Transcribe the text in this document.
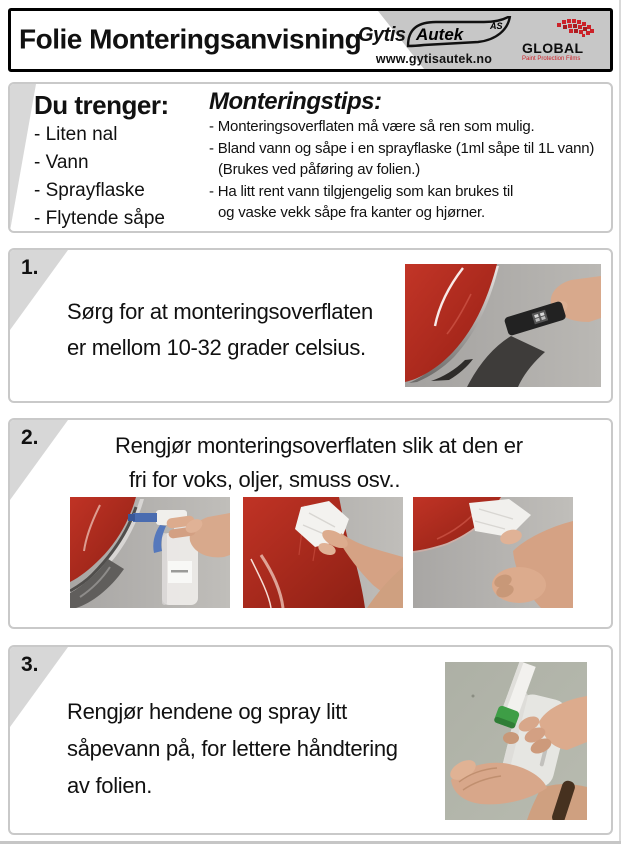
Folie Monteringsanvisning
Gytis Autek	AS
www.gytisautek.no
GLOBAL
Paint Protection Films
Du trenger:
- Liten nal
- Vann
- Sprayflaske
- Flytende såpe
Monteringstips:
- Monteringsoverflaten må være så ren som mulig.
- Bland vann og såpe i en sprayflaske (1ml såpe til 1L vann)
(Brukes ved påføring av folien.)
- Ha litt rent vann tilgjengelig som kan brukes til
og vaske vekk såpe fra kanter og hjørner.
1.
Sørg for at monteringsoverflaten
er mellom 10-32 grader celsius.
2.	Rengjør monteringsoverflaten slik at den er
fri for voks, oljer, smuss osv..
3.
Rengjør hendene og spray litt
såpevann på, for lettere håndtering
av folien.
